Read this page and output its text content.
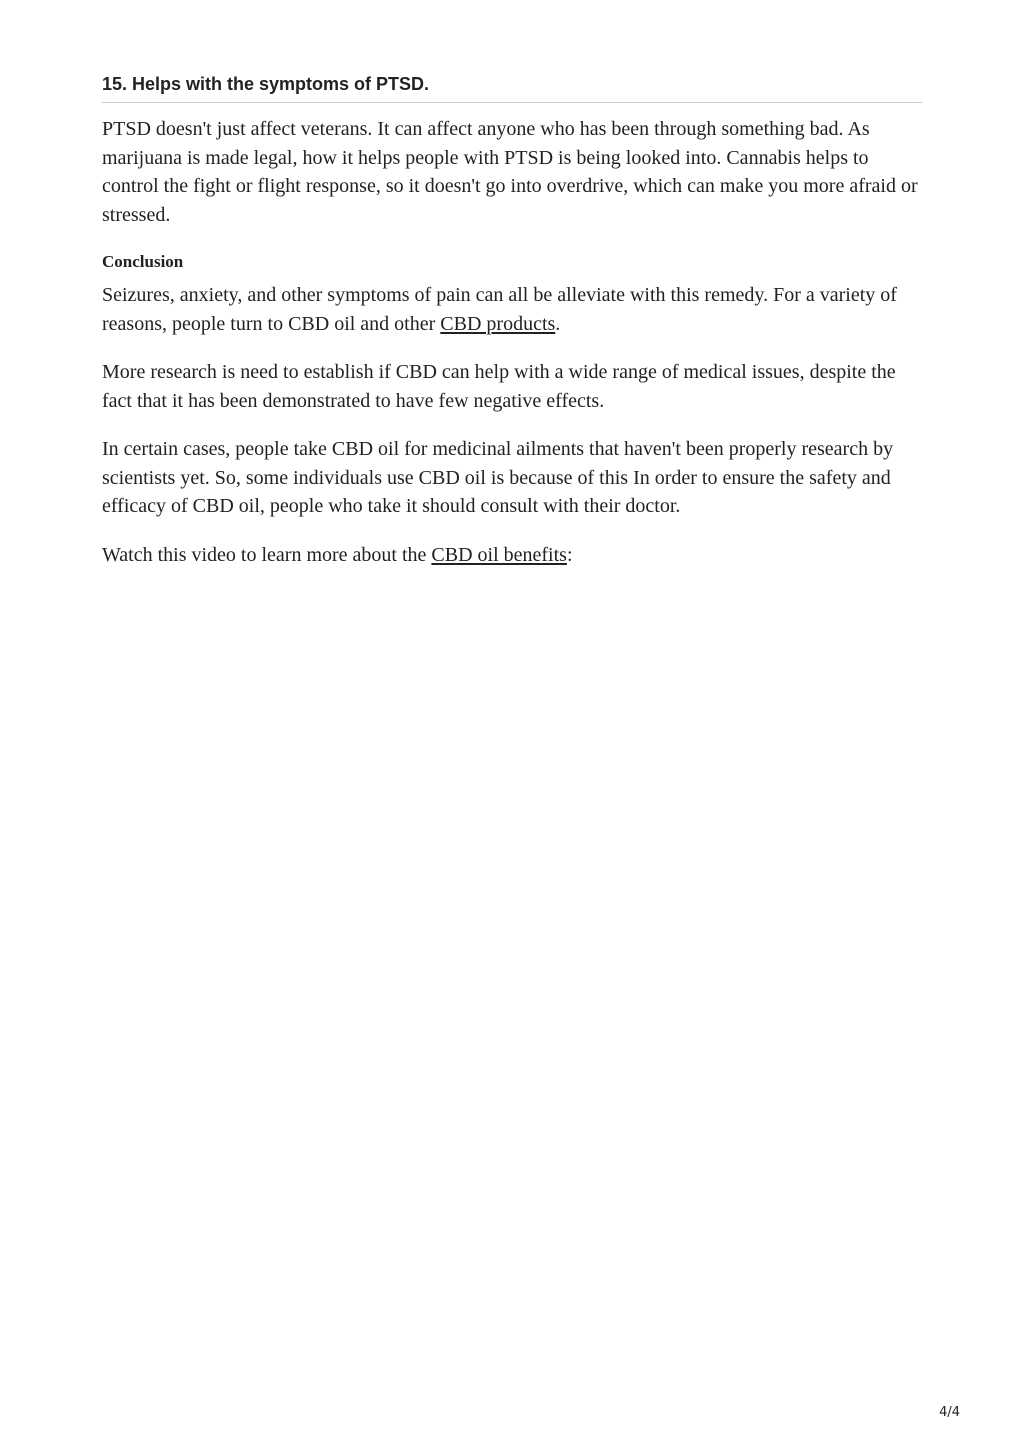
15. Helps with the symptoms of PTSD.

PTSD doesn't just affect veterans. It can affect anyone who has been through something bad. As marijuana is made legal, how it helps people with PTSD is being looked into. Cannabis helps to control the fight or flight response, so it doesn't go into overdrive, which can make you more afraid or stressed.

Conclusion

Seizures, anxiety, and other symptoms of pain can all be alleviate with this remedy. For a variety of reasons, people turn to CBD oil and other CBD products.

More research is need to establish if CBD can help with a wide range of medical issues, despite the fact that it has been demonstrated to have few negative effects.

In certain cases, people take CBD oil for medicinal ailments that haven't been properly research by scientists yet. So, some individuals use CBD oil is because of this In order to ensure the safety and efficacy of CBD oil, people who take it should consult with their doctor.

Watch this video to learn more about the CBD oil benefits:

4/4
